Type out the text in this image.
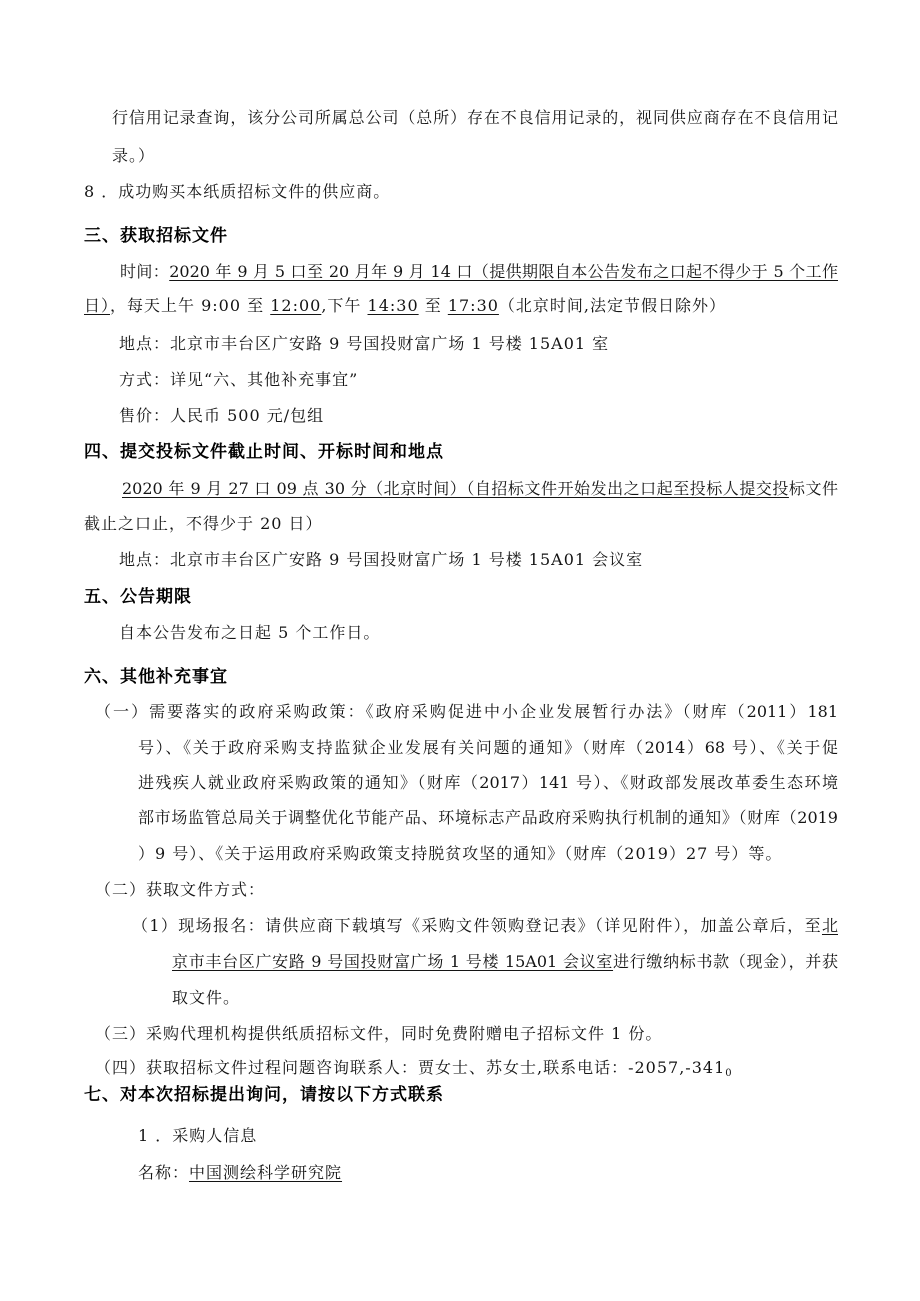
行信用记录查询，该分公司所属总公司（总所）存在不良信用记录的，视同供应商存在不良信用记
录。）
8 ．成功购买本纸质招标文件的供应商。
三、获取招标文件
时间：2020 年 9 月 5 口至 20 月年 9 月 14 口（提供期限自本公告发布之口起不得少于 5 个工作
日），每天上午 9:00 至 12:00,下午 14:30 至 17:30（北京时间,法定节假日除外）
地点：北京市丰台区广安路 9 号国投财富广场 1 号楼 15A01 室
方式：详见“六、其他补充事宜”
售价：人民币 500 元/包组
四、提交投标文件截止时间、开标时间和地点
2020 年 9 月 27 口 09 点 30 分（北京时间）（自招标文件开始发出之口起至投标人提交投标文件
截止之口止，不得少于 20 日）
地点：北京市丰台区广安路 9 号国投财富广场 1 号楼 15A01 会议室
五、公告期限
自本公告发布之日起 5 个工作日。
六、其他补充事宜
（一）需要落实的政府采购政策：《政府采购促进中小企业发展暂行办法》（财库（2011）181
号）、《关于政府采购支持监狱企业发展有关问题的通知》（财库（2014）68 号）、《关于促
进残疾人就业政府采购政策的通知》（财库（2017）141 号）、《财政部发展改革委生态环境
部市场监管总局关于调整优化节能产品、环境标志产品政府采购执行机制的通知》（财库（2019
）9 号）、《关于运用政府采购政策支持脱贫攻坚的通知》（财库（2019）27 号）等。
（二）获取文件方式：
（1）现场报名：请供应商下载填写《采购文件领购登记表》（详见附件），加盖公章后，至北
京市丰台区广安路 9 号国投财富广场 1 号楼 15A01 会议室进行缴纳标书款（现金），并获
取文件。
（三）采购代理机构提供纸质招标文件，同时免费附赠电子招标文件 1 份。
（四）获取招标文件过程问题咨询联系人：贾女士、苏女士,联系电话：$-2057,-341_0$
七、对本次招标提出询问，请按以下方式联系
1 ．采购人信息
名称：中国测绘科学研究院
